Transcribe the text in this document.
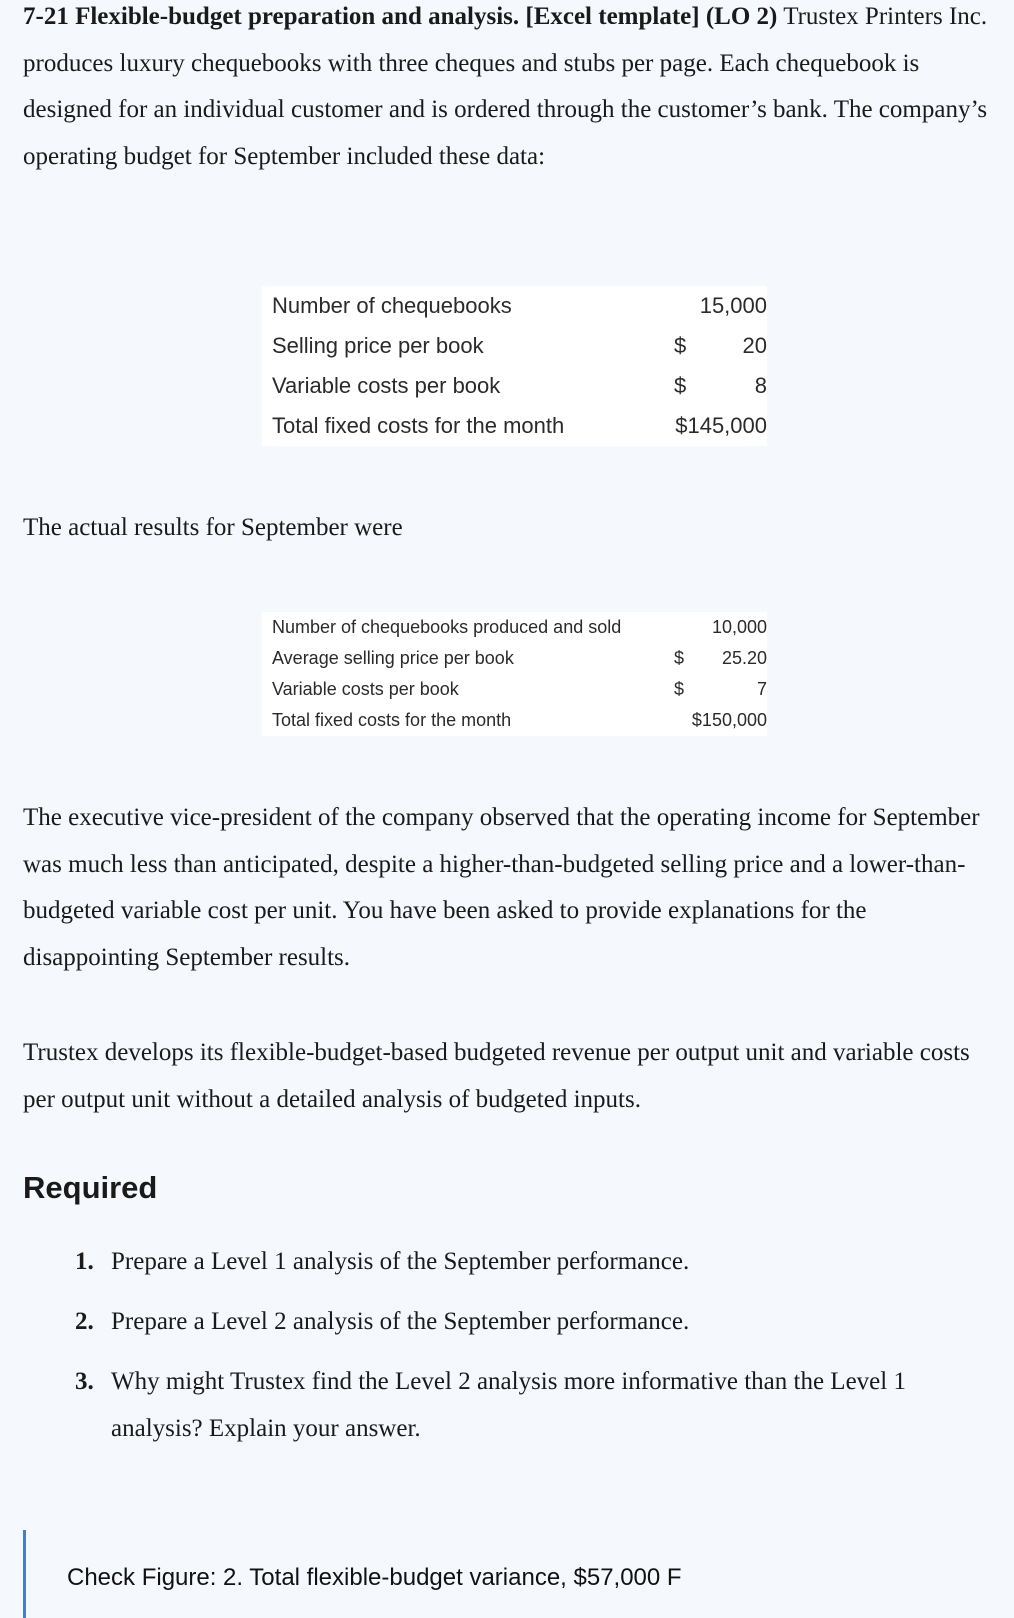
7-21 Flexible-budget preparation and analysis. [Excel template] (LO 2) Trustex Printers Inc. produces luxury chequebooks with three cheques and stubs per page. Each chequebook is designed for an individual customer and is ordered through the customer’s bank. The company’s operating budget for September included these data:

Number of chequebooks	15,000
Selling price per book	$	20
Variable costs per book	$	8
Total fixed costs for the month	$145,000

The actual results for September were

Number of chequebooks produced and sold	10,000
Average selling price per book	$ 25.20
Variable costs per book	$	7
Total fixed costs for the month	$150,000

The executive vice-president of the company observed that the operating income for September was much less than anticipated, despite a higher-than-budgeted selling price and a lower-than-budgeted variable cost per unit. You have been asked to provide explanations for the disappointing September results.

Trustex develops its flexible-budget-based budgeted revenue per output unit and variable costs per output unit without a detailed analysis of budgeted inputs.

Required
1. Prepare a Level 1 analysis of the September performance.
2. Prepare a Level 2 analysis of the September performance.
3. Why might Trustex find the Level 2 analysis more informative than the Level 1 analysis? Explain your answer.
Check Figure: 2. Total flexible-budget variance, $57,000 F
